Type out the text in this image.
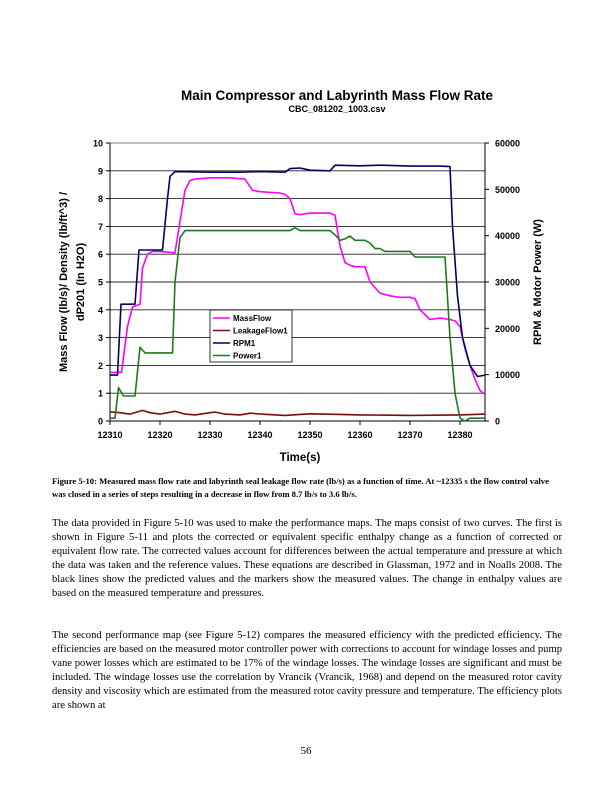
Main Compressor and Labyrinth Mass Flow Rate
CBC_081202_1003.csv
0
1
2
3
4
5
6
7
8
9
10
0
10000
20000
30000
40000
50000
60000
12310	12320	12330	12340	12350	12360	12370	12380
Time(s)
Mass Flow (lb/s)/ Density (lb/ft^3) / dP201 (In H2O)	RPM & Motor Power (W)
MassFlow
LeakageFlow1
RPM1
Power1
Figure 5-10: Measured mass flow rate and labyrinth seal leakage flow rate (lb/s) as a function of time. At ~12335 s the flow control valve was closed in a series of steps resulting in a decrease in flow from 8.7 lb/s to 3.6 lb/s.
The data provided in Figure 5-10 was used to make the performance maps. The maps consist of two curves. The first is shown in Figure 5-11 and plots the corrected or equivalent specific enthalpy change as a function of corrected or equivalent flow rate. The corrected values account for differences between the actual temperature and pressure at which the data was taken and the reference values. These equations are described in Glassman, 1972 and in Noalls 2008. The black lines show the predicted values and the markers show the measured values. The change in enthalpy values are based on the measured temperature and pressures.
The second performance map (see Figure 5-12) compares the measured efficiency with the predicted efficiency. The efficiencies are based on the measured motor controller power with corrections to account for windage losses and pump vane power losses which are estimated to be 17% of the windage losses. The windage losses are significant and must be included. The windage losses use the correlation by Vrancik (Vrancik, 1968) and depend on the measured rotor cavity density and viscosity which are estimated from the measured rotor cavity pressure and temperature. The efficiency plots are shown at
56
